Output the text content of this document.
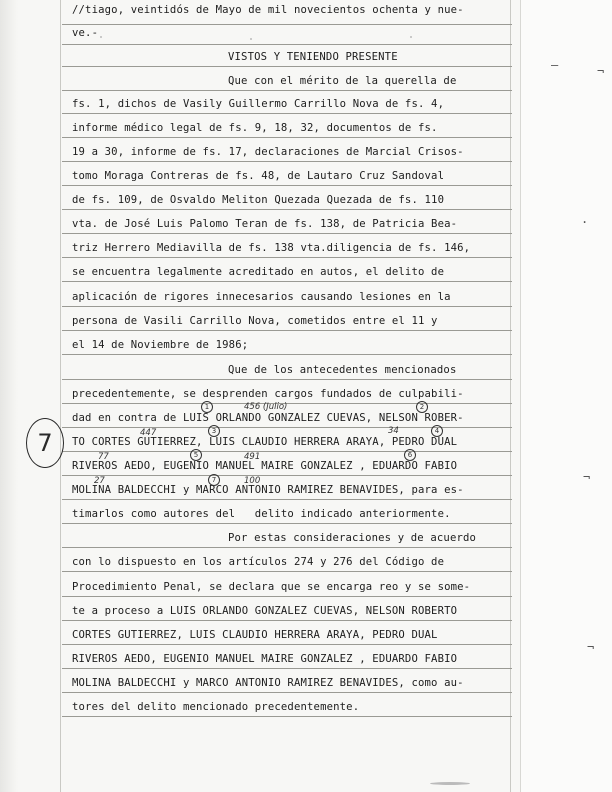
–	¬
.
¬
¬
//tiago, veintidós de Mayo de mil novecientos ochenta y nue-
ve.-
VISTOS Y TENIENDO PRESENTE
Que con el mérito de la querella de
fs. 1, dichos de Vasily Guillermo Carrillo Nova de fs. 4,
informe médico legal de fs. 9, 18, 32, documentos de fs.
19 a 30, informe de fs. 17, declaraciones de Marcial Crisos-
tomo Moraga Contreras de fs. 48, de Lautaro Cruz Sandoval
de fs. 109, de Osvaldo Meliton Quezada Quezada de fs. 110
vta. de José Luis Palomo Teran de fs. 138, de Patricia Bea-
triz Herrero Mediavilla de fs. 138 vta.diligencia de fs. 146,
se encuentra legalmente acreditado en autos, el delito de
aplicación de rigores innecesarios causando lesiones en la
persona de Vasili Carrillo Nova, cometidos entre el 11 y
el 14 de Noviembre de 1986;
Que de los antecedentes mencionados
precedentemente, se desprenden cargos fundados de culpabili-
dad en contra de LUIS ORLANDO GONZALEZ CUEVAS, NELSON ROBER-
TO CORTES GUTIERREZ, LUIS CLAUDIO HERRERA ARAYA, PEDRO DUAL
RIVEROS AEDO, EUGENIO MANUEL MAIRE GONZALEZ , EDUARDO FABIO
MOLINA BALDECCHI y MARCO ANTONIO RAMIREZ BENAVIDES, para es-
timarlos como autores del   delito indicado anteriormente.
Por estas consideraciones y de acuerdo
con lo dispuesto en los artículos 274 y 276 del Código de
Procedimiento Penal, se declara que se encarga reo y se some-
te a proceso a LUIS ORLANDO GONZALEZ CUEVAS, NELSON ROBERTO
CORTES GUTIERREZ, LUIS CLAUDIO HERRERA ARAYA, PEDRO DUAL
RIVEROS AEDO, EUGENIO MANUEL MAIRE GONZALEZ , EDUARDO FABIO
MOLINA BALDECCHI y MARCO ANTONIO RAMIREZ BENAVIDES, como au-
tores del delito mencionado precedentemente.
447
456 (Julio)
34
77	491
27	100
1	2
3	4
5	6
7
7
